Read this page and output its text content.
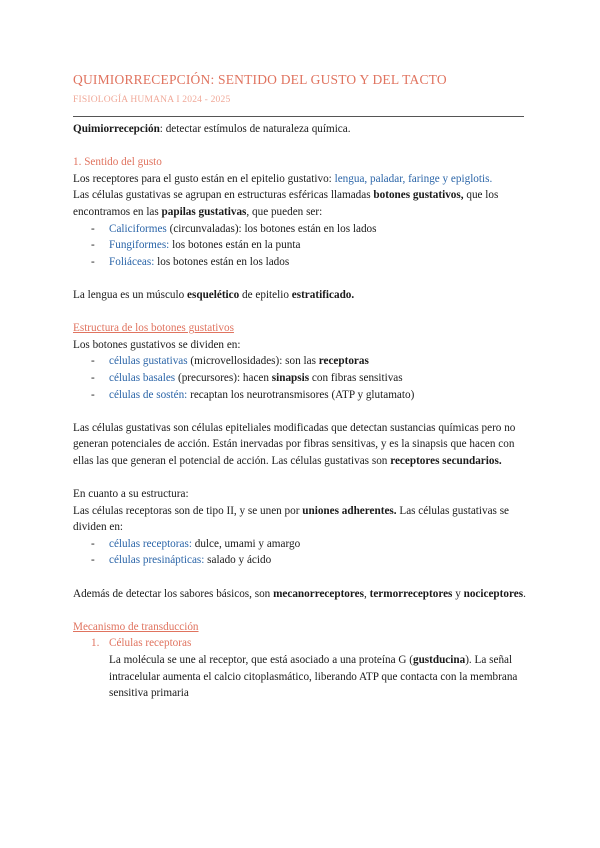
QUIMIORRECEPCIÓN: SENTIDO DEL GUSTO Y DEL TACTO
FISIOLOGÍA HUMANA I 2024 - 2025

Quimiorrecepción: detectar estímulos de naturaleza química.

1. Sentido del gusto

Los receptores para el gusto están en el epitelio gustativo: lengua, paladar, faringe y epiglotis.

Las células gustativas se agrupan en estructuras esféricas llamadas botones gustativos, que los encontramos en las papilas gustativas, que pueden ser:

- Caliciformes (circunvaladas): los botones están en los lados
- Fungiformes: los botones están en la punta
- Foliáceas: los botones están en los lados

La lengua es un músculo esquelético de epitelio estratificado.

Estructura de los botones gustativos

Los botones gustativos se dividen en:

- células gustativas (microvellosidades): son las receptoras
- células basales (precursores): hacen sinapsis con fibras sensitivas
- células de sostén: recaptan los neurotransmisores (ATP y glutamato)

Las células gustativas son células epiteliales modificadas que detectan sustancias químicas pero no generan potenciales de acción. Están inervadas por fibras sensitivas, y es la sinapsis que hacen con ellas las que generan el potencial de acción. Las células gustativas son receptores secundarios.

En cuanto a su estructura:

Las células receptoras son de tipo II, y se unen por uniones adherentes. Las células gustativas se dividen en:

- células receptoras: dulce, umami y amargo
- células presinápticas: salado y ácido

Además de detectar los sabores básicos, son mecanorreceptores, termorreceptores y nociceptores.

Mecanismo de transducción

1. Células receptoras

La molécula se une al receptor, que está asociado a una proteína G (gustducina). La señal intracelular aumenta el calcio citoplasmático, liberando ATP que contacta con la membrana sensitiva primaria
